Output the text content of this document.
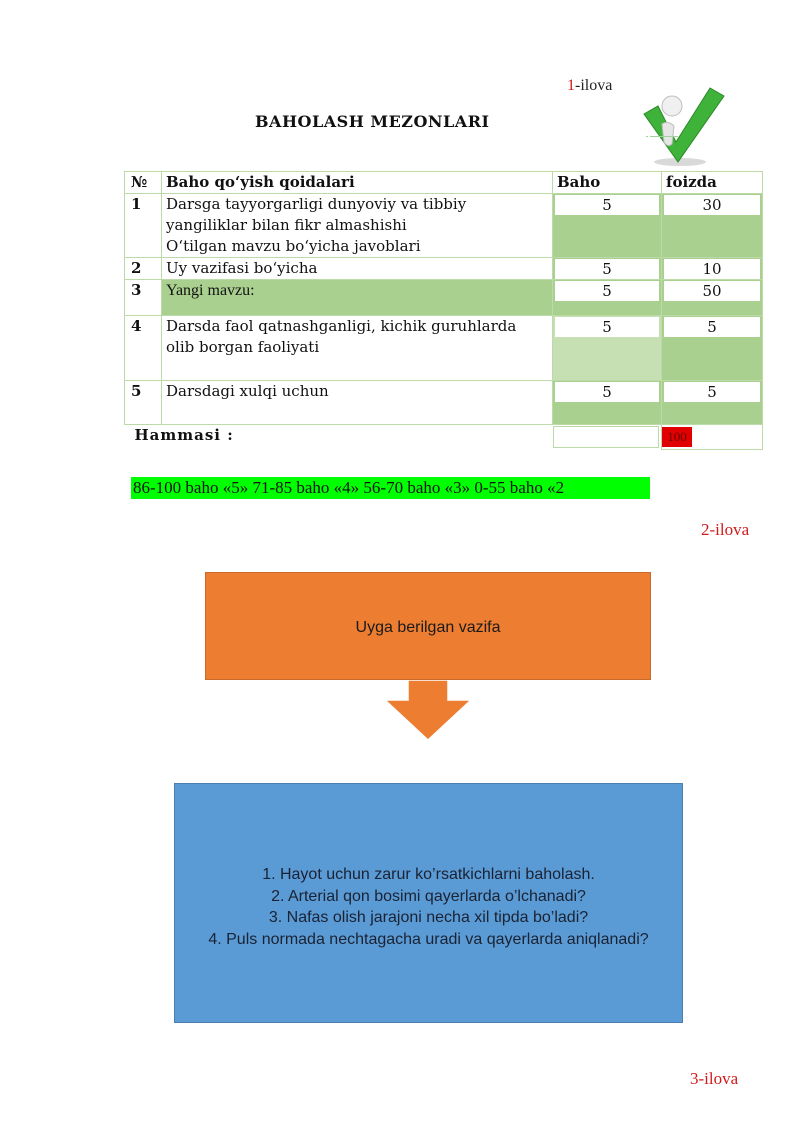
1-ilova
BAHOLASH MEZONLARI
№	Baho qo‘yish qoidalari	Baho	foizda
1	Darsga tayyorgarligi dunyoviy va tibbiy
yangiliklar bilan fikr almashishi
O‘tilgan mavzu bo‘yicha javoblari	5	30

2	Uy vazifasi bo‘yicha	5	10

3	Yangi mavzu:	5	50

4	Darsda faol qatnashganligi, kichik guruhlarda
olib borgan faoliyati	5	5

5	Darsdagi xulqi uchun	5	5

Hammasi :			100
86-100 baho «5» 71-85 baho «4» 56-70 baho «3» 0-55 baho «2
2-ilova
Uyga berilgan vazifa
1. Hayot uchun zarur ko’rsatkichlarni baholash.
2. Arterial qon bosimi qayerlarda o’lchanadi?
3. Nafas olish jarajoni necha xil tipda bo’ladi?
4. Puls normada nechtagacha uradi va qayerlarda aniqlanadi?
3-ilova
